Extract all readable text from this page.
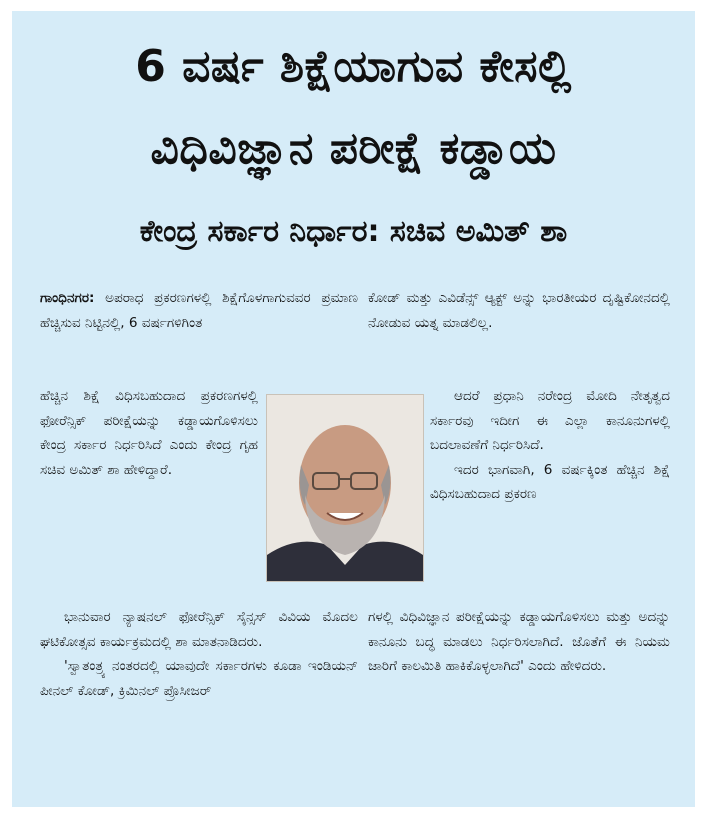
6 ವರ್ಷ ಶಿಕ್ಷೆಯಾಗುವ ಕೇಸಲ್ಲಿ
ವಿಧಿವಿಜ್ಞಾನ ಪರೀಕ್ಷೆ ಕಡ್ಡಾಯ
ಕೇಂದ್ರ ಸರ್ಕಾರ ನಿರ್ಧಾರ: ಸಚಿವ ಅಮಿತ್ ಶಾ

ಗಾಂಧಿನಗರ: ಅಪರಾಧ ಪ್ರಕರಣಗಳಲ್ಲಿ ಶಿಕ್ಷೆಗೊಳಗಾಗುವವರ ಪ್ರಮಾಣ ಹೆಚ್ಚಿಸುವ ನಿಟ್ಟಿನಲ್ಲಿ, 6 ವರ್ಷಗಳಿಗಿಂತ

ಹೆಚ್ಚಿನ ಶಿಕ್ಷೆ ವಿಧಿಸಬಹುದಾದ ಪ್ರಕರಣಗಳಲ್ಲಿ ಫೋರೆನ್ಸಿಕ್ ಪರೀಕ್ಷೆಯನ್ನು ಕಡ್ಡಾಯಗೊಳಿಸಲು ಕೇಂದ್ರ ಸರ್ಕಾರ ನಿರ್ಧರಿಸಿದೆ ಎಂದು ಕೇಂದ್ರ ಗೃಹ ಸಚಿವ ಅಮಿತ್ ಶಾ ಹೇಳಿದ್ದಾರೆ.

ಭಾನುವಾರ ನ್ಯಾಷನಲ್ ಫೋರೆನ್ಸಿಕ್ ಸೈನ್ಸಸ್ ವಿವಿಯ ಮೊದಲ ಘಟಿಕೋತ್ಸವ ಕಾರ್ಯಕ್ರಮದಲ್ಲಿ ಶಾ ಮಾತನಾಡಿದರು.

'ಸ್ವಾತಂತ್ರ್ಯ ನಂತರದಲ್ಲಿ ಯಾವುದೇ ಸರ್ಕಾರಗಳು ಕೂಡಾ ಇಂಡಿಯನ್ ಪೀನಲ್ ಕೋಡ್, ಕ್ರಿಮಿನಲ್ ಪ್ರೊಸೀಜರ್

ಕೋಡ್ ಮತ್ತು ಎವಿಡೆನ್ಸ್ ಆ್ಯಕ್ಟ್ ಅನ್ನು ಭಾರತೀಯರ ದೃಷ್ಟಿಕೋನದಲ್ಲಿ ನೋಡುವ ಯತ್ನ ಮಾಡಲಿಲ್ಲ.

ಆದರೆ ಪ್ರಧಾನಿ ನರೇಂದ್ರ ಮೋದಿ ನೇತೃತ್ವದ ಸರ್ಕಾರವು ಇದೀಗ ಈ ಎಲ್ಲಾ ಕಾನೂನುಗಳಲ್ಲಿ ಬದಲಾವಣೆಗೆ ನಿರ್ಧರಿಸಿದೆ.

ಇದರ ಭಾಗವಾಗಿ, 6 ವರ್ಷಕ್ಕಿಂತ ಹೆಚ್ಚಿನ ಶಿಕ್ಷೆ ವಿಧಿಸಬಹುದಾದ ಪ್ರಕರಣ

ಗಳಲ್ಲಿ ವಿಧಿವಿಜ್ಞಾನ ಪರೀಕ್ಷೆಯನ್ನು ಕಡ್ಡಾಯಗೊಳಿಸಲು ಮತ್ತು ಅದನ್ನು ಕಾನೂನು ಬದ್ಧ ಮಾಡಲು ನಿರ್ಧರಿಸಲಾಗಿದೆ. ಜೊತೆಗೆ ಈ ನಿಯಮ ಜಾರಿಗೆ ಕಾಲಮಿತಿ ಹಾಕಿಕೊಳ್ಳಲಾಗಿದೆ' ಎಂದು ಹೇಳಿದರು.
